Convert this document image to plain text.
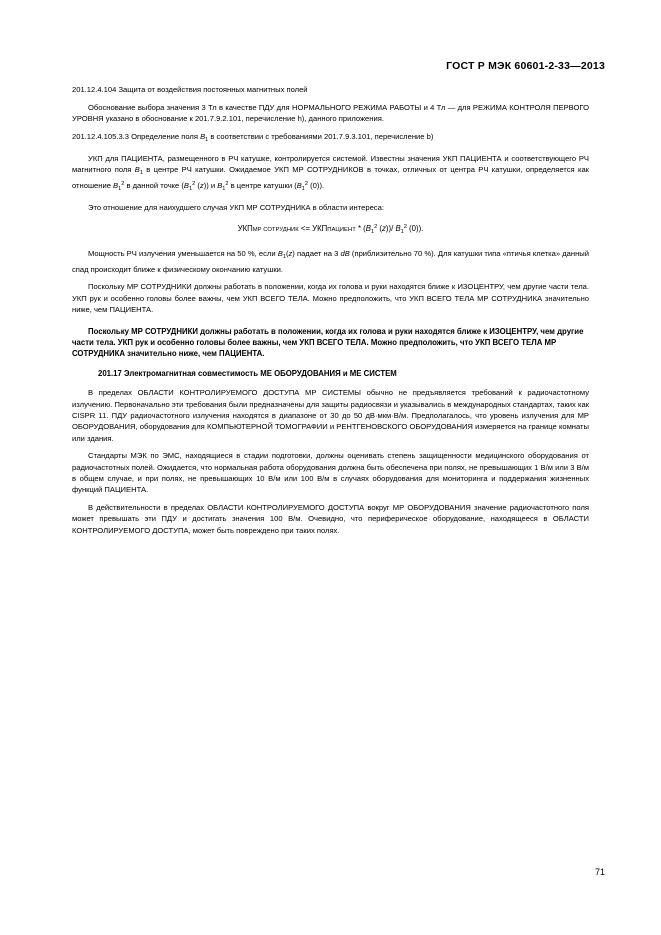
ГОСТ Р МЭК 60601-2-33—2013

201.12.4.104 Защита от воздействия постоянных магнитных полей

Обоснование выбора значения 3 Тл в качестве ПДУ для НОРМАЛЬНОГО РЕЖИМА РАБОТЫ и 4 Тл — для РЕЖИМА КОНТРОЛЯ ПЕРВОГО УРОВНЯ указано в обоснование к 201.7.9.2.101, перечисление h), данного приложения.

201.12.4.105.3.3 Определение поля $B_1$ в соответствии с требованиями 201.7.9.3.101, перечисление b)

УКП для ПАЦИЕНТА, размещенного в РЧ катушке, контролируется системой. Известны значения УКП ПАЦИЕНТА и соответствующего РЧ магнитного поля $B_1$ в центре РЧ катушки. Ожидаемое УКП МР СОТРУДНИКОВ в точках, отличных от центра РЧ катушки, определяется как отношение $B_1^2$ в данной точке ($B_1^2$ (z)) и $B_1^2$ в центре катушки ($B_1^2$ (0)).

Это отношение для наихудшего случая УКП МР СОТРУДНИКА в области интереса:

УКПМР СОТРУДНИК <= УКППАЦИЕНТ * ($B_1^2$ (z))/ $B_1^2$ (0)).

Мощность РЧ излучения уменьшается на 50 %, если $B_1(z)$ падает на 3 dB (приблизительно 70 %). Для катушки типа «птичья клетка» данный спад происходит ближе к физическому окончанию катушки.

Поскольку МР СОТРУДНИКИ должны работать в положении, когда их голова и руки находятся ближе к ИЗОЦЕНТРУ, чем другие части тела. УКП рук и особенно головы более важны, чем УКП ВСЕГО ТЕЛА. Можно предположить, что УКП ВСЕГО ТЕЛА МР СОТРУДНИКА значительно ниже, чем ПАЦИЕНТА.

Поскольку МР СОТРУДНИКИ должны работать в положении, когда их голова и руки находятся ближе к ИЗОЦЕНТРУ, чем другие части тела. УКП рук и особенно головы более важны, чем УКП ВСЕГО ТЕЛА. Можно предположить, что УКП ВСЕГО ТЕЛА МР СОТРУДНИКА значительно ниже, чем ПАЦИЕНТА.

201.17 Электромагнитная совместимость МЕ ОБОРУДОВАНИЯ и МЕ СИСТЕМ

В пределах ОБЛАСТИ КОНТРОЛИРУЕМОГО ДОСТУПА МР СИСТЕМЫ обычно не предъявляется требований к радиочастотному излучению. Первоначально эти требования были предназначены для защиты радиосвязи и указывались в международных стандартах, таких как CISPR 11. ПДУ радиочастотного излучения находятся в диапазоне от 30 до 50 дВ·мкм·В/м. Предполагалось, что уровень излучения для МР ОБОРУДОВАНИЯ, оборудования для КОМПЬЮТЕРНОЙ ТОМОГРАФИИ и РЕНТГЕНОВСКОГО ОБОРУДОВАНИЯ измеряется на границе комнаты или здания.

Стандарты МЭК по ЭМС, находящиеся в стадии подготовки, должны оценивать степень защищенности медицинского оборудования от радиочастотных полей. Ожидается, что нормальная работа оборудования должна быть обеспечена при полях, не превышающих 1 В/м или 3 В/м в общем случае, и при полях, не превышающих 10 В/м или 100 В/м в случаях оборудования для мониторинга и поддержания жизненных функций ПАЦИЕНТА.

В действительности в пределах ОБЛАСТИ КОНТРОЛИРУЕМОГО ДОСТУПА вокруг МР ОБОРУДОВАНИЯ значение радиочастотного поля может превышать эти ПДУ и достигать значения 100 В/м. Очевидно, что периферическое оборудование, находящееся в ОБЛАСТИ КОНТРОЛИРУЕМОГО ДОСТУПА, может быть повреждено при таких полях.

71
